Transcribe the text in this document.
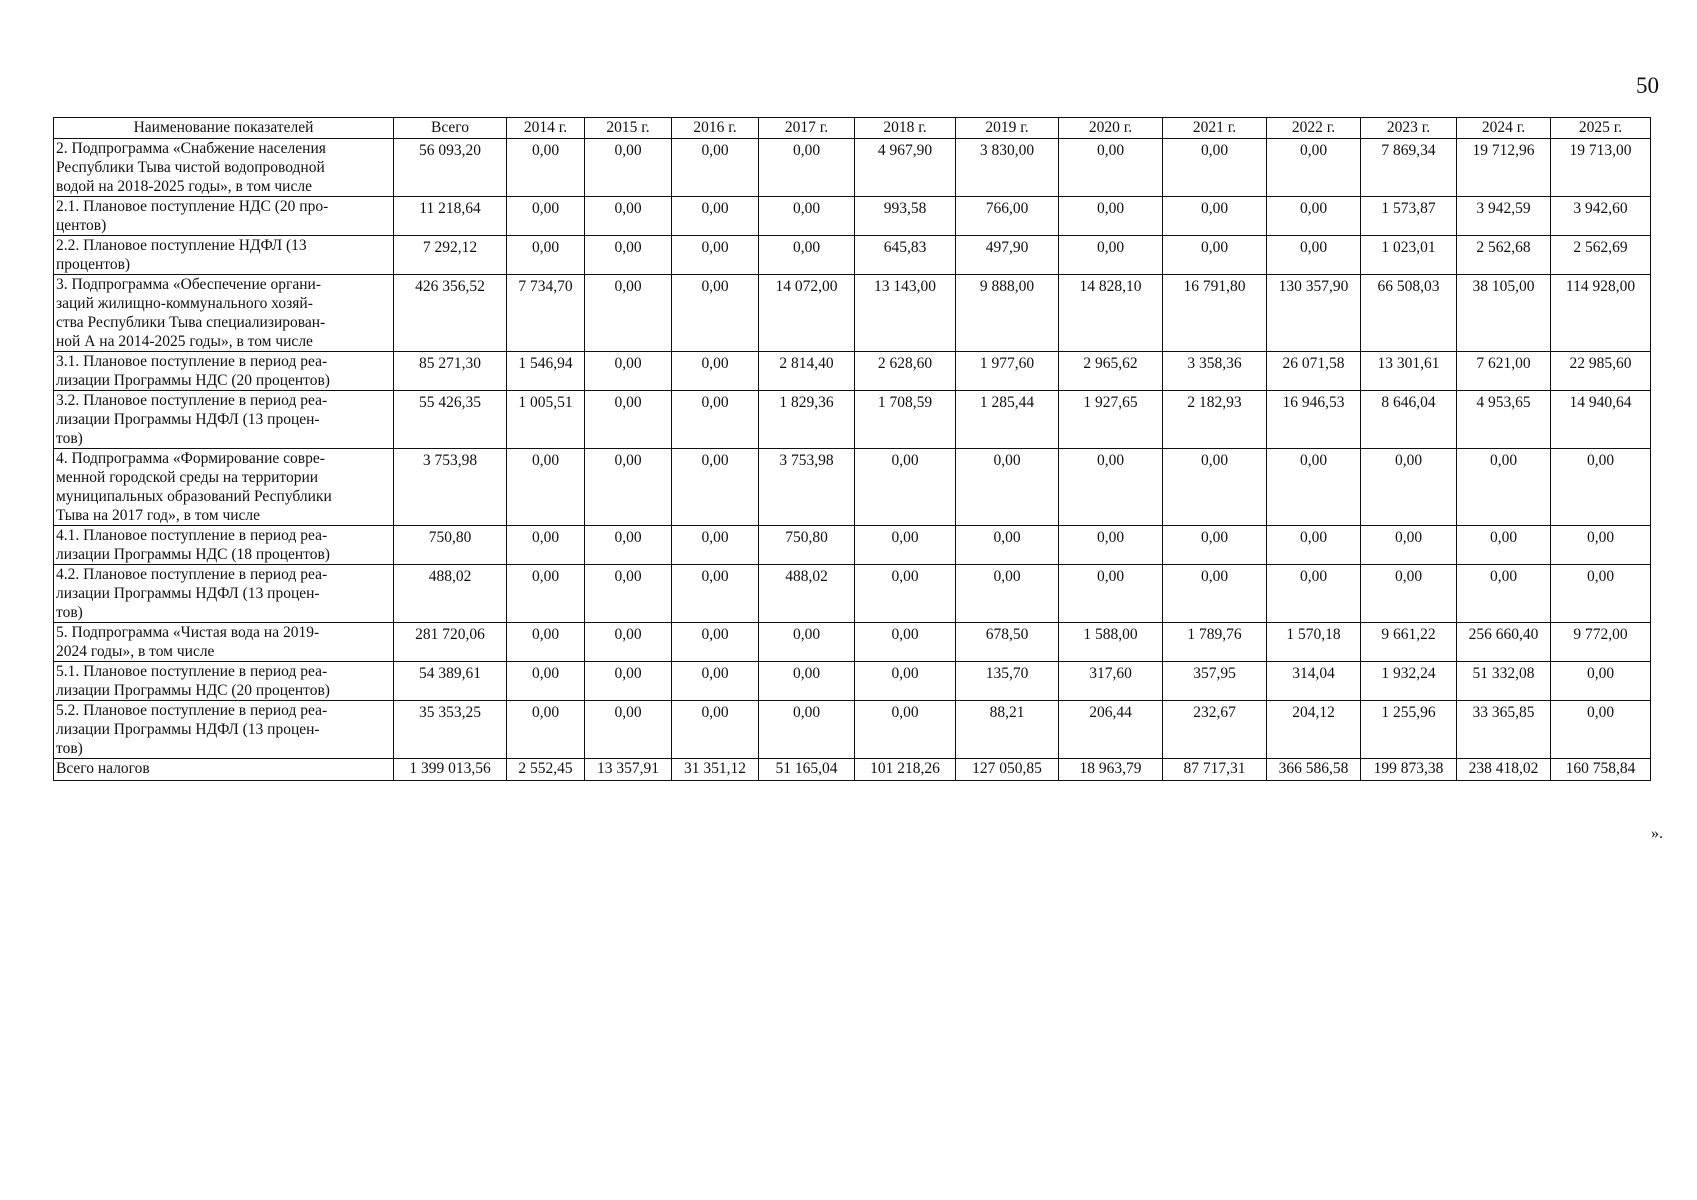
50
Наименование показателей	Всего	2014 г.	2015 г.	2016 г.	2017 г.	2018 г.	2019 г.	2020 г.	2021 г.	2022 г.	2023 г.	2024 г.	2025 г.

2. Подпрограмма «Снабжение населения
Республики Тыва чистой водопроводной
водой на 2018-2025 годы», в том числе	56 093,20	0,00	0,00	0,00	0,00	4 967,90	3 830,00	0,00	0,00	0,00	7 869,34	19 712,96	19 713,00

2.1. Плановое поступление НДС (20 про-
центов)	11 218,64	0,00	0,00	0,00	0,00	993,58	766,00	0,00	0,00	0,00	1 573,87	3 942,59	3 942,60

2.2. Плановое поступление НДФЛ (13
процентов)	7 292,12	0,00	0,00	0,00	0,00	645,83	497,90	0,00	0,00	0,00	1 023,01	2 562,68	2 562,69

3. Подпрограмма «Обеспечение органи-
заций жилищно-коммунального хозяй-
ства Республики Тыва специализирован-
ной А на 2014-2025 годы», в том числе	426 356,52	7 734,70	0,00	0,00	14 072,00	13 143,00	9 888,00	14 828,10	16 791,80	130 357,90	66 508,03	38 105,00	114 928,00

3.1. Плановое поступление в период реа-
лизации Программы НДС (20 процентов)	85 271,30	1 546,94	0,00	0,00	2 814,40	2 628,60	1 977,60	2 965,62	3 358,36	26 071,58	13 301,61	7 621,00	22 985,60

3.2. Плановое поступление в период реа-
лизации Программы НДФЛ (13 процен-
тов)	55 426,35	1 005,51	0,00	0,00	1 829,36	1 708,59	1 285,44	1 927,65	2 182,93	16 946,53	8 646,04	4 953,65	14 940,64

4. Подпрограмма «Формирование совре-
менной городской среды на территории
муниципальных образований Республики
Тыва на 2017 год», в том числе	3 753,98	0,00	0,00	0,00	3 753,98	0,00	0,00	0,00	0,00	0,00	0,00	0,00	0,00

4.1. Плановое поступление в период реа-
лизации Программы НДС (18 процентов)	750,80	0,00	0,00	0,00	750,80	0,00	0,00	0,00	0,00	0,00	0,00	0,00	0,00

4.2. Плановое поступление в период реа-
лизации Программы НДФЛ (13 процен-
тов)	488,02	0,00	0,00	0,00	488,02	0,00	0,00	0,00	0,00	0,00	0,00	0,00	0,00

5. Подпрограмма «Чистая вода на 2019-
2024 годы», в том числе	281 720,06	0,00	0,00	0,00	0,00	0,00	678,50	1 588,00	1 789,76	1 570,18	9 661,22	256 660,40	9 772,00

5.1. Плановое поступление в период реа-
лизации Программы НДС (20 процентов)	54 389,61	0,00	0,00	0,00	0,00	0,00	135,70	317,60	357,95	314,04	1 932,24	51 332,08	0,00

5.2. Плановое поступление в период реа-
лизации Программы НДФЛ (13 процен-
тов)	35 353,25	0,00	0,00	0,00	0,00	0,00	88,21	206,44	232,67	204,12	1 255,96	33 365,85	0,00

Всего налогов	1 399 013,56	2 552,45	13 357,91	31 351,12	51 165,04	101 218,26	127 050,85	18 963,79	87 717,31	366 586,58	199 873,38	238 418,02	160 758,84
».
